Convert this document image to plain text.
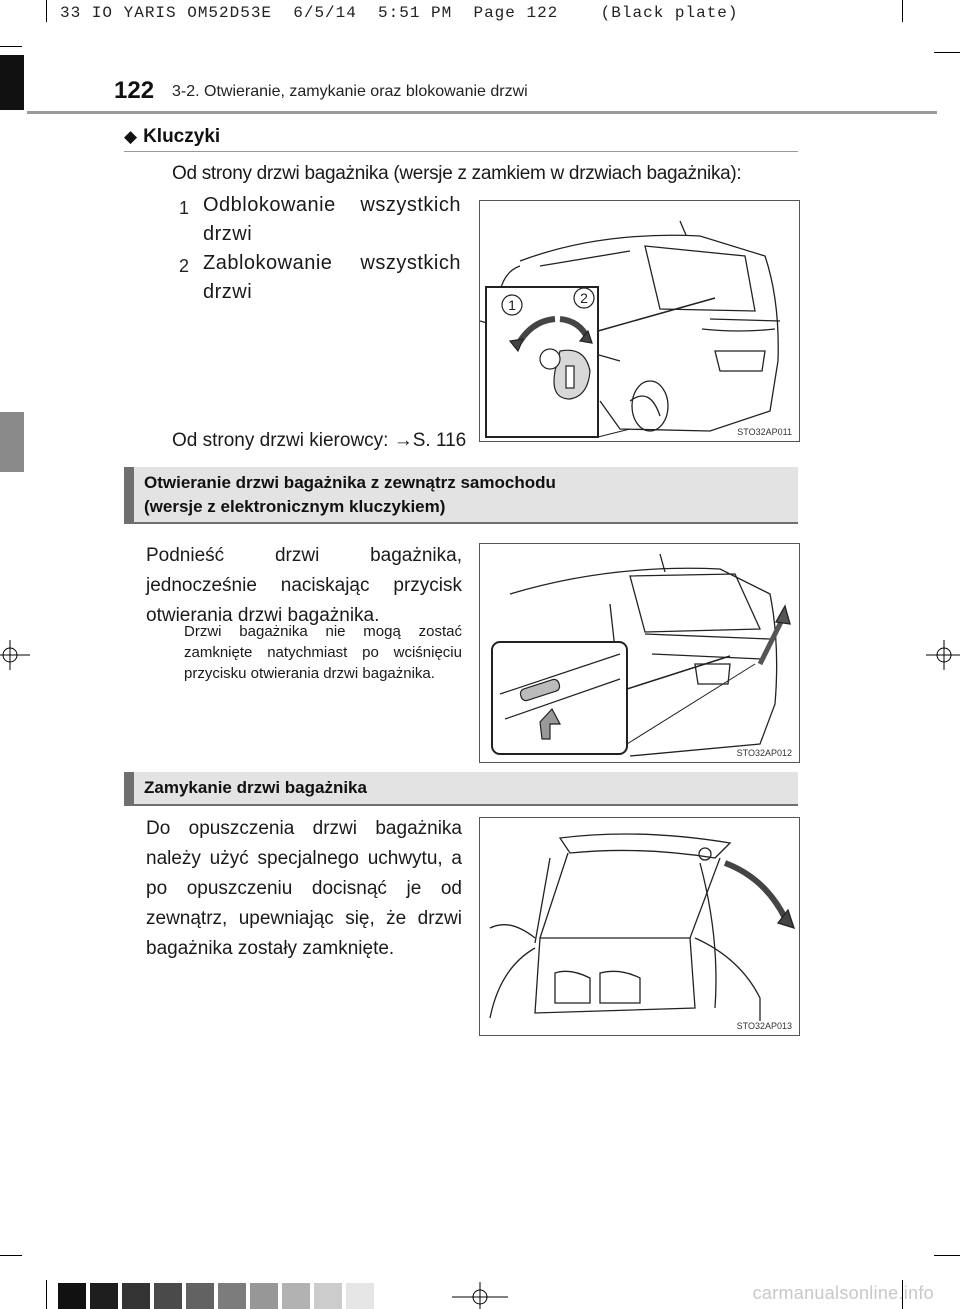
33 IO YARIS OM52D53E  6/5/14  5:51 PM  Page 122    (Black plate)
122 3-2. Otwieranie, zamykanie oraz blokowanie drzwi
◆ Kluczyki
Od strony drzwi bagażnika (wersje z zamkiem w drzwiach bagażnika):
1 Odblokowanie wszystkich drzwi
2 Zablokowanie wszystkich drzwi
1	2
STO32AP011
Od strony drzwi kierowcy: →S. 116
Otwieranie drzwi bagażnika z zewnątrz samochodu
(wersje z elektronicznym kluczykiem)
Podnieść drzwi bagażnika, jednocześnie naciskając przycisk otwierania drzwi bagażnika.
Drzwi bagażnika nie mogą zostać zamknięte natychmiast po wciśnięciu przycisku otwierania drzwi bagażnika.
STO32AP012
Zamykanie drzwi bagażnika
Do opuszczenia drzwi bagażnika należy użyć specjalnego uchwytu, a po opuszczeniu docisnąć je od zewnątrz, upewniając się, że drzwi bagażnika zostały zamknięte.
STO32AP013
carmanualsonline.info
